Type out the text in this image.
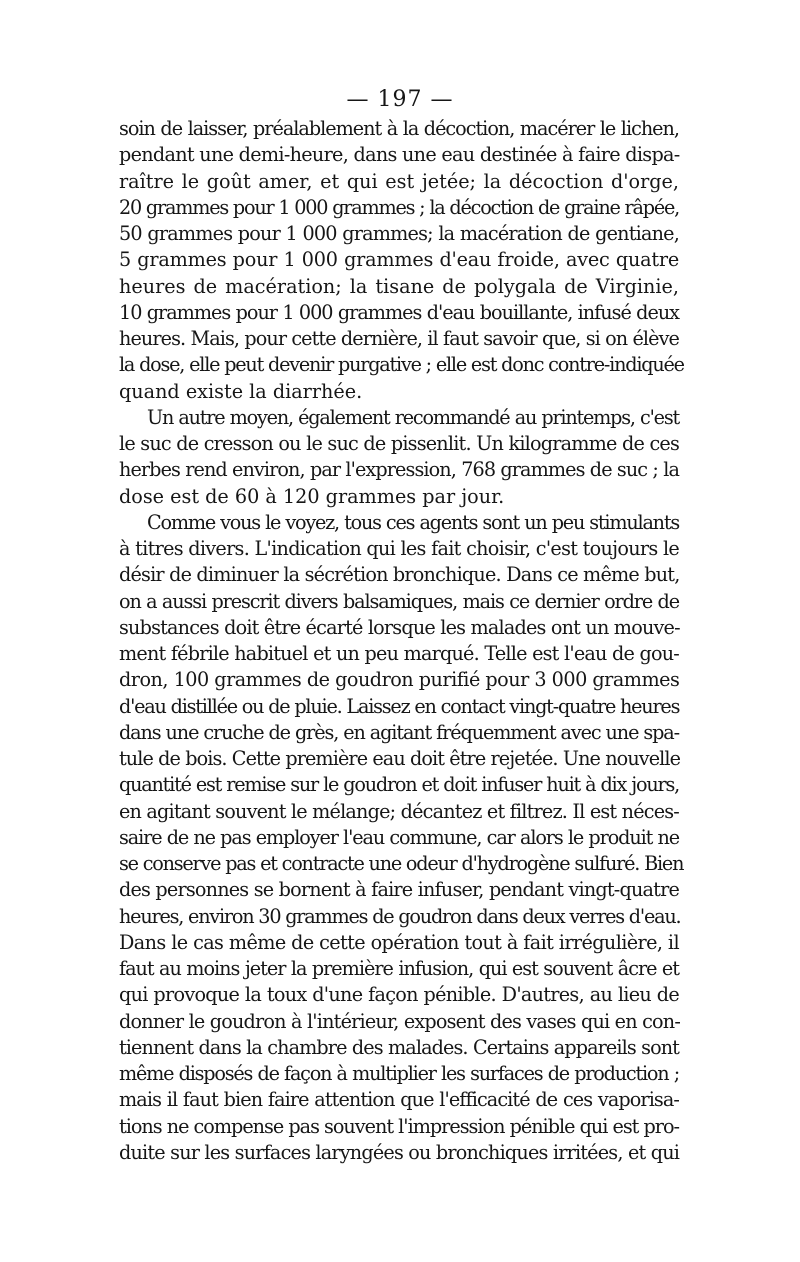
— 197 —
soin de laisser, préalablement à la décoction, macérer le lichen,
pendant une demi-heure, dans une eau destinée à faire dispa-
raître le goût amer, et qui est jetée; la décoction d'orge,
20 grammes pour 1 000 grammes ; la décoction de graine râpée,
50 grammes pour 1 000 grammes; la macération de gentiane,
5 grammes pour 1 000 grammes d'eau froide, avec quatre
heures de macération; la tisane de polygala de Virginie,
10 grammes pour 1 000 grammes d'eau bouillante, infusé deux
heures. Mais, pour cette dernière, il faut savoir que, si on élève
la dose, elle peut devenir purgative ; elle est donc contre-indiquée
quand existe la diarrhée.
Un autre moyen, également recommandé au printemps, c'est
le suc de cresson ou le suc de pissenlit. Un kilogramme de ces
herbes rend environ, par l'expression, 768 grammes de suc ; la
dose est de 60 à 120 grammes par jour.
Comme vous le voyez, tous ces agents sont un peu stimulants
à titres divers. L'indication qui les fait choisir, c'est toujours le
désir de diminuer la sécrétion bronchique. Dans ce même but,
on a aussi prescrit divers balsamiques, mais ce dernier ordre de
substances doit être écarté lorsque les malades ont un mouve-
ment fébrile habituel et un peu marqué. Telle est l'eau de gou-
dron, 100 grammes de goudron purifié pour 3 000 grammes
d'eau distillée ou de pluie. Laissez en contact vingt-quatre heures
dans une cruche de grès, en agitant fréquemment avec une spa-
tule de bois. Cette première eau doit être rejetée. Une nouvelle
quantité est remise sur le goudron et doit infuser huit à dix jours,
en agitant souvent le mélange; décantez et filtrez. Il est néces-
saire de ne pas employer l'eau commune, car alors le produit ne
se conserve pas et contracte une odeur d'hydrogène sulfuré. Bien
des personnes se bornent à faire infuser, pendant vingt-quatre
heures, environ 30 grammes de goudron dans deux verres d'eau.
Dans le cas même de cette opération tout à fait irrégulière, il
faut au moins jeter la première infusion, qui est souvent âcre et
qui provoque la toux d'une façon pénible. D'autres, au lieu de
donner le goudron à l'intérieur, exposent des vases qui en con-
tiennent dans la chambre des malades. Certains appareils sont
même disposés de façon à multiplier les surfaces de production ;
mais il faut bien faire attention que l'efficacité de ces vaporisa-
tions ne compense pas souvent l'impression pénible qui est pro-
duite sur les surfaces laryngées ou bronchiques irritées, et qui
